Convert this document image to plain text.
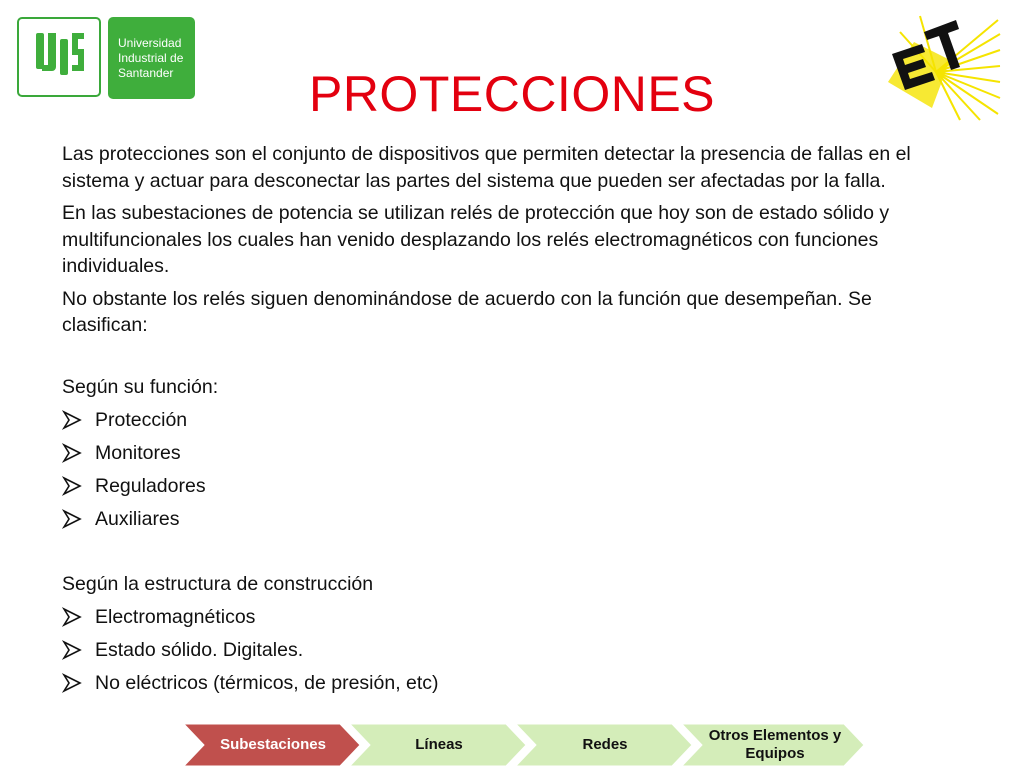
Universidad
Industrial de
Santander	PROTECCIONES

Las protecciones son el conjunto de dispositivos que permiten detectar la presencia de fallas en el sistema y actuar para desconectar las partes del sistema que pueden ser afectadas por la falla.

En las subestaciones de potencia se utilizan relés de protección que hoy son de estado sólido y multifuncionales los cuales han venido desplazando los relés electromagnéticos con funciones individuales.

No obstante los relés siguen denominándose de acuerdo con la función que desempeñan. Se clasifican:

Según su función:
Protección
Monitores
Reguladores
Auxiliares
Según la estructura de construcción
Electromagnéticos
Estado sólido. Digitales.
No eléctricos (térmicos, de presión, etc)
Subestaciones	Líneas	Redes
Otros Elementos y Equipos
